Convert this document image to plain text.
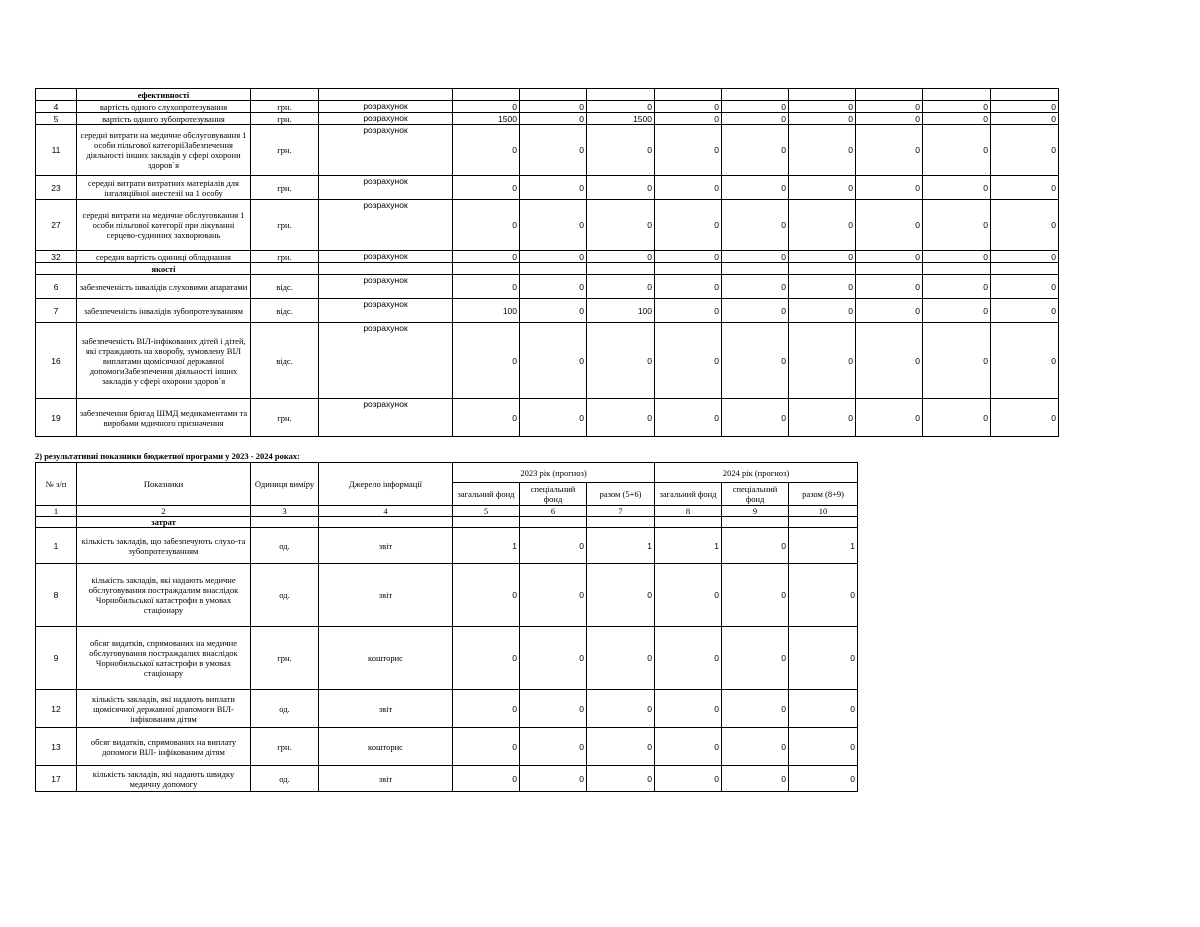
	ефективності											
4	вартість одного слухопротезування	грн.	розрахунок	0	0	0	0	0	0	0	0	0
5	вартість одного зубопротезування	грн.	розрахунок	1500	0	1500	0	0	0	0	0	0
11	середні витрати на медичне обслуговування 1 особи пільгової категоріїЗабезпечення діяльності інших закладів у сфері охорони здоров`я	грн.	розрахунок	0	0	0	0	0	0	0	0	0
23	середні витрати витратних матеріалів для інгаляційної анестезії на 1 особу	грн.	розрахунок	0	0	0	0	0	0	0	0	0
27	середні витрати на медичне обслуговкання 1 особи пільгової категорії при лікуванні серцево-судинних захворювань	грн.	розрахунок	0	0	0	0	0	0	0	0	0
32	середня вартість одиниці обладнання	грн.	розрахунок	0	0	0	0	0	0	0	0	0
	якості											
6	забезпеченість інвалідів слуховими апаратами	відс.	розрахунок	0	0	0	0	0	0	0	0	0
7	забезпеченість інвалідів зубопротезуванням	відс.	розрахунок	100	0	100	0	0	0	0	0	0
16	забезпеченість ВІЛ-інфікованих дітей і дітей, які страждають на хворобу, зумовлену ВІЛ виплатами щомісячної державної допомогиЗабезпечення діяльності інших закладів у сфері охорони здоров`я	відс.	розрахунок	0	0	0	0	0	0	0	0	0
19	забезпечення бригад ШМД медикаментами та виробами мдичного призначення	грн.	розрахунок	0	0	0	0	0	0	0	0	0
2) результативні показники бюджетної програми у 2023 - 2024 роках:
№ з/п	Показники	Одиниця виміру	Джерело інформації	2023 рік (прогноз)			2024 рік (прогноз)		
				загальний фонд	спеціальний фонд	разом (5+6)	загальний фонд	спеціальний фонд	разом (8+9)
1	2	3	4	5	6	7	8	9	10
	затрат								
1	кількість закладів, що забезпечують слухо-та зубопротезуванням	од.	звіт	1	0	1	1	0	1
8	кількість закладів, які надають медичне обслуговування постраждалим внаслідок Чорнобильської катастрофи в умовах стаціонару	од.	звіт	0	0	0	0	0	0
9	обсяг видатків, спрямованих на медичне обслуговування постраждалих внаслідок Чорнобильської катастрофи в умовах стаціонару	грн.	кошторис	0	0	0	0	0	0
12	кількість закладів, які надають виплати щомісячної державної доапомоги ВІЛ-інфікованим дітям	од.	звіт	0	0	0	0	0	0
13	обсяг видатків, спрямованих на виплату допомоги ВІЛ- інфікованим дітям	грн.	кошторис	0	0	0	0	0	0
17	кількість закладів, які надають швидку медичну допомогу	од.	звіт	0	0	0	0	0	0
